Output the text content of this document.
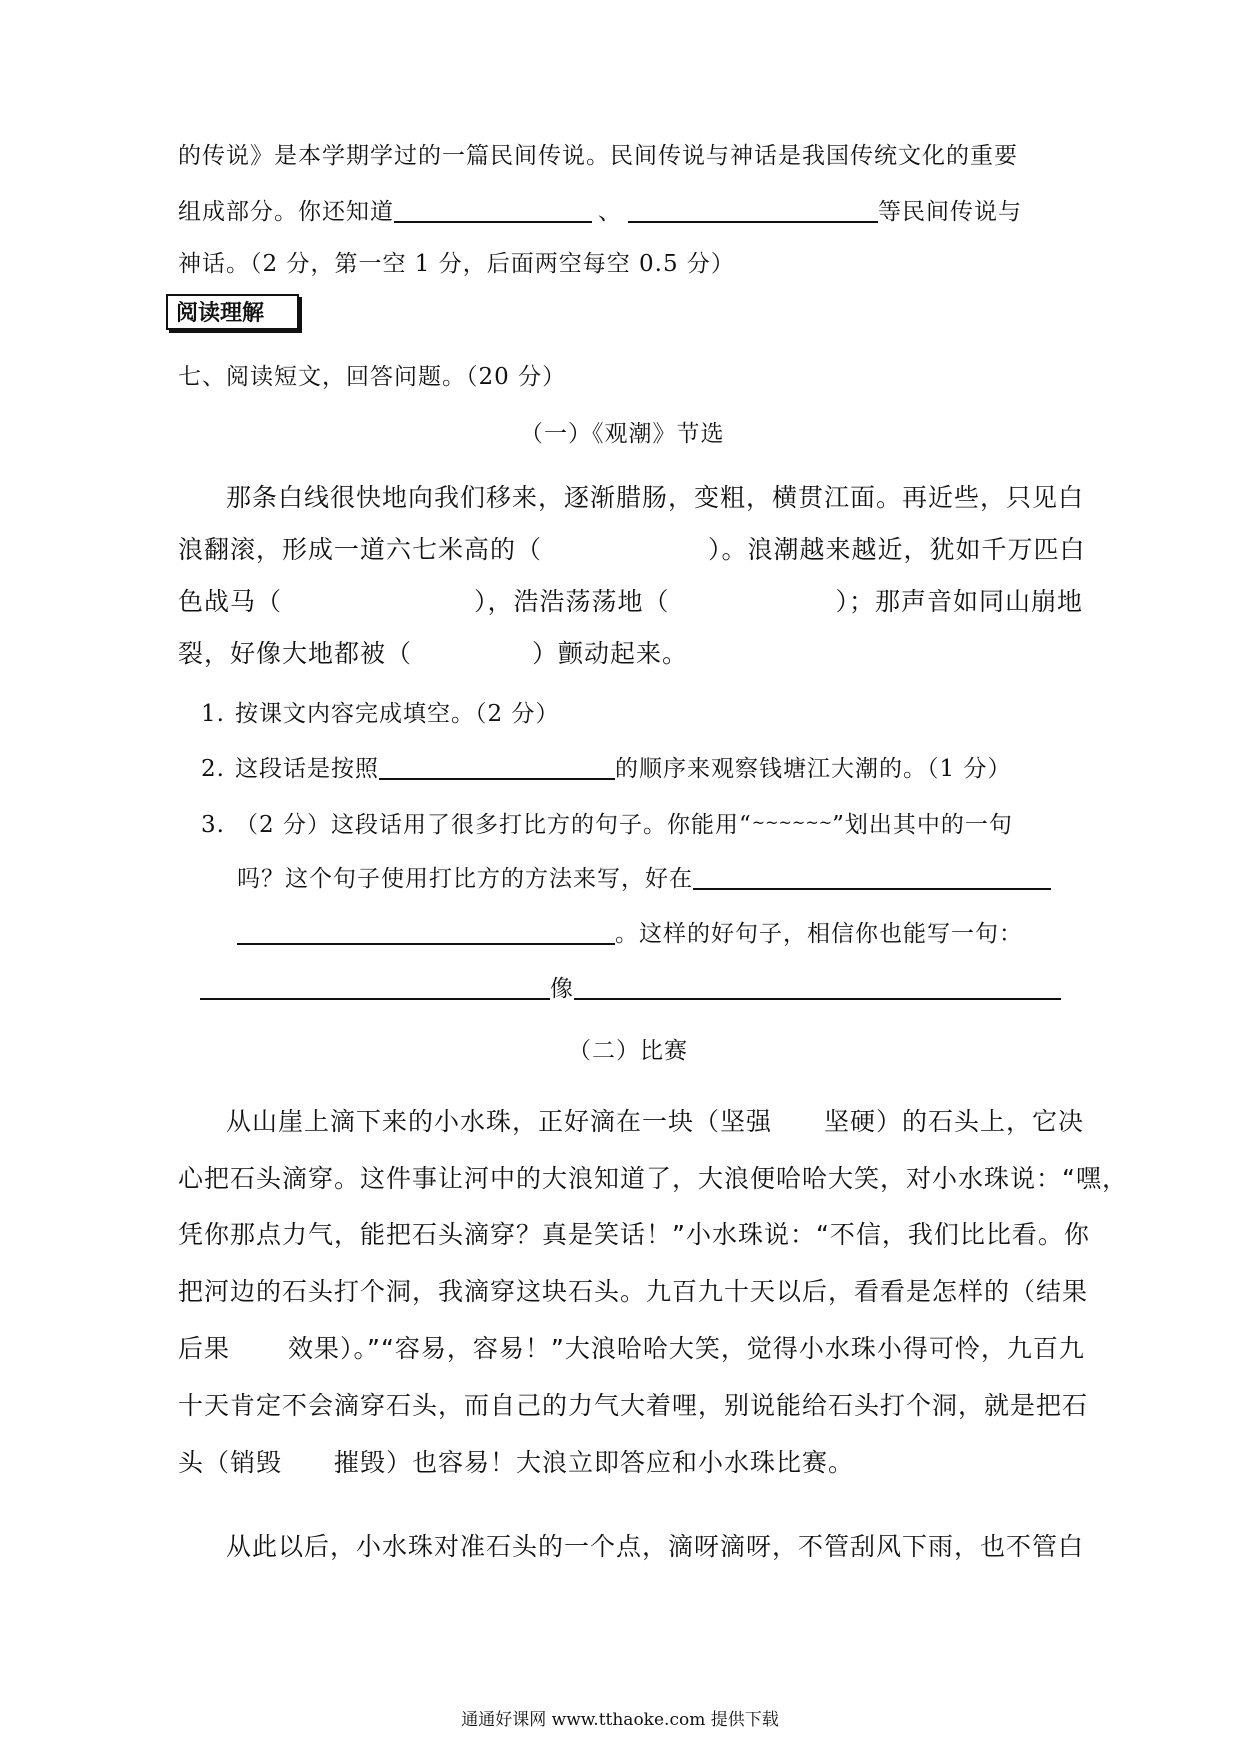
的传说》是本学期学过的一篇民间传说。民间传说与神话是我国传统文化的重要
组成部分。你还知道	、	等民间传说与
神话。（2 分，第一空 1 分，后面两空每空 0.5 分）
阅读理解
七、阅读短文，回答问题。（20 分）
（一）《观潮》节选
那条白线很快地向我们移来，逐渐腊肠，变粗，横贯江面。再近些，只见白
浪翻滚，形成一道六七米高的（	）。浪潮越来越近，犹如千万匹白
色战马（	），浩浩荡荡地（	）；那声音如同山崩地
裂，好像大地都被（	）颤动起来。
1. 按课文内容完成填空。（2 分）
2. 这段话是按照	的顺序来观察钱塘江大潮的。（1 分）
3. （2 分）这段话用了很多打比方的句子。你能用“~~~~~~”划出其中的一句
吗？这个句子使用打比方的方法来写，好在
。这样的好句子，相信你也能写一句：
像
（二）比赛
从山崖上滴下来的小水珠，正好滴在一块（坚强 坚硬）的石头上，它决
心把石头滴穿。这件事让河中的大浪知道了，大浪便哈哈大笑，对小水珠说：“嘿，
凭你那点力气，能把石头滴穿？真是笑话！”小水珠说：“不信，我们比比看。你
把河边的石头打个洞，我滴穿这块石头。九百九十天以后，看看是怎样的（结果
后果 效果）。”“容易，容易！”大浪哈哈大笑，觉得小水珠小得可怜，九百九
十天肯定不会滴穿石头，而自己的力气大着哩，别说能给石头打个洞，就是把石
头（销毁 摧毁）也容易！大浪立即答应和小水珠比赛。
从此以后，小水珠对准石头的一个点，滴呀滴呀，不管刮风下雨，也不管白
通通好课网 www.tthaoke.com 提供下载
